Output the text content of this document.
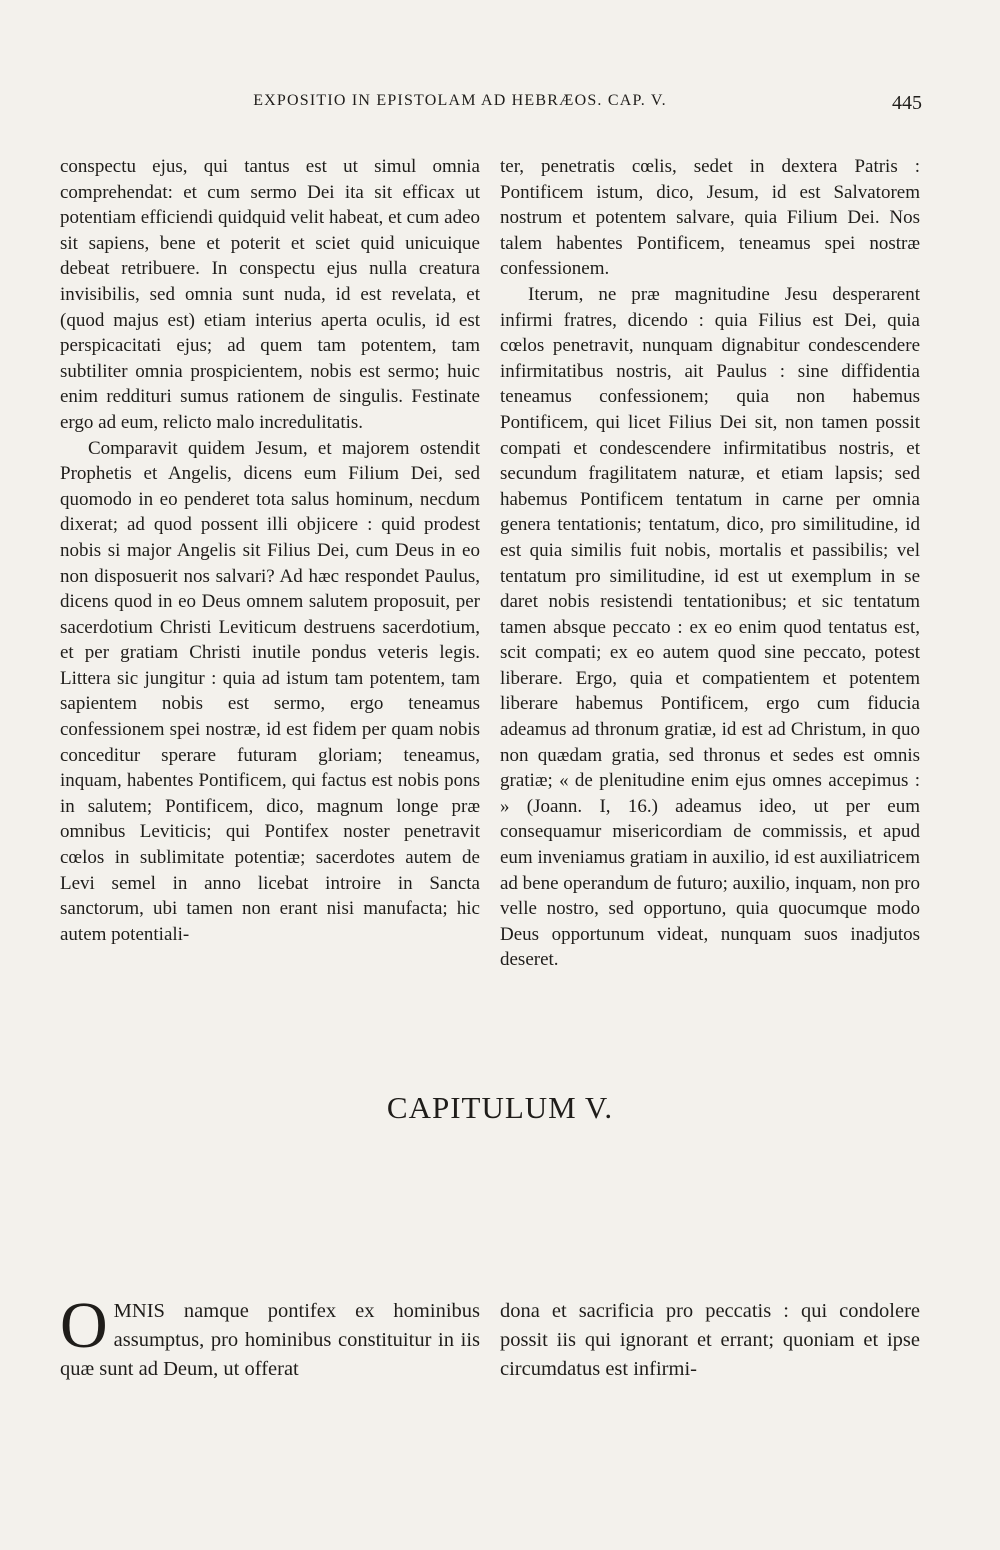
EXPOSITIO IN EPISTOLAM AD HEBRÆOS. CAP. V.	445

conspectu ejus, qui tantus est ut simul omnia comprehendat: et cum sermo Dei ita sit efficax ut potentiam efficiendi quidquid velit habeat, et cum adeo sit sapiens, bene et poterit et sciet quid unicuique debeat retribuere. In conspectu ejus nulla creatura invisibilis, sed omnia sunt nuda, id est revelata, et (quod majus est) etiam interius aperta oculis, id est perspicacitati ejus; ad quem tam potentem, tam subtiliter omnia prospicientem, nobis est sermo; huic enim reddituri sumus rationem de singulis. Festinate ergo ad eum, relicto malo incredulitatis.

Comparavit quidem Jesum, et majorem ostendit Prophetis et Angelis, dicens eum Filium Dei, sed quomodo in eo penderet tota salus hominum, necdum dixerat; ad quod possent illi objicere : quid prodest nobis si major Angelis sit Filius Dei, cum Deus in eo non disposuerit nos salvari? Ad hæc respondet Paulus, dicens quod in eo Deus omnem salutem proposuit, per sacerdotium Christi Leviticum destruens sacerdotium, et per gratiam Christi inutile pondus veteris legis. Littera sic jungitur : quia ad istum tam potentem, tam sapientem nobis est sermo, ergo teneamus confessionem spei nostræ, id est fidem per quam nobis conceditur sperare futuram gloriam; teneamus, inquam, habentes Pontificem, qui factus est nobis pons in salutem; Pontificem, dico, magnum longe præ omnibus Leviticis; qui Pontifex noster penetravit cœlos in sublimitate potentiæ; sacerdotes autem de Levi semel in anno licebat introire in Sancta sanctorum, ubi tamen non erant nisi manufacta; hic autem potentiali-

ter, penetratis cœlis, sedet in dextera Patris : Pontificem istum, dico, Jesum, id est Salvatorem nostrum et potentem salvare, quia Filium Dei. Nos talem habentes Pontificem, teneamus spei nostræ confessionem.

Iterum, ne præ magnitudine Jesu desperarent infirmi fratres, dicendo : quia Filius est Dei, quia cœlos penetravit, nunquam dignabitur condescendere infirmitatibus nostris, ait Paulus : sine diffidentia teneamus confessionem; quia non habemus Pontificem, qui licet Filius Dei sit, non tamen possit compati et condescendere infirmitatibus nostris, et secundum fragilitatem naturæ, et etiam lapsis; sed habemus Pontificem tentatum in carne per omnia genera tentationis; tentatum, dico, pro similitudine, id est quia similis fuit nobis, mortalis et passibilis; vel tentatum pro similitudine, id est ut exemplum in se daret nobis resistendi tentationibus; et sic tentatum tamen absque peccato : ex eo enim quod tentatus est, scit compati; ex eo autem quod sine peccato, potest liberare. Ergo, quia et compatientem et potentem liberare habemus Pontificem, ergo cum fiducia adeamus ad thronum gratiæ, id est ad Christum, in quo non quædam gratia, sed thronus et sedes est omnis gratiæ; « de plenitudine enim ejus omnes accepimus : » (Joann. I, 16.) adeamus ideo, ut per eum consequamur misericordiam de commissis, et apud eum inveniamus gratiam in auxilio, id est auxiliatricem ad bene operandum de futuro; auxilio, inquam, non pro velle nostro, sed opportuno, quia quocumque modo Deus opportunum videat, nunquam suos inadjutos deseret.

CAPITULUM V.

O MNIS namque pontifex ex hominibus assumptus, pro hominibus constituitur in iis quæ sunt ad Deum, ut offerat

dona et sacrificia pro peccatis : qui condolere possit iis qui ignorant et errant; quoniam et ipse circumdatus est infirmi-
